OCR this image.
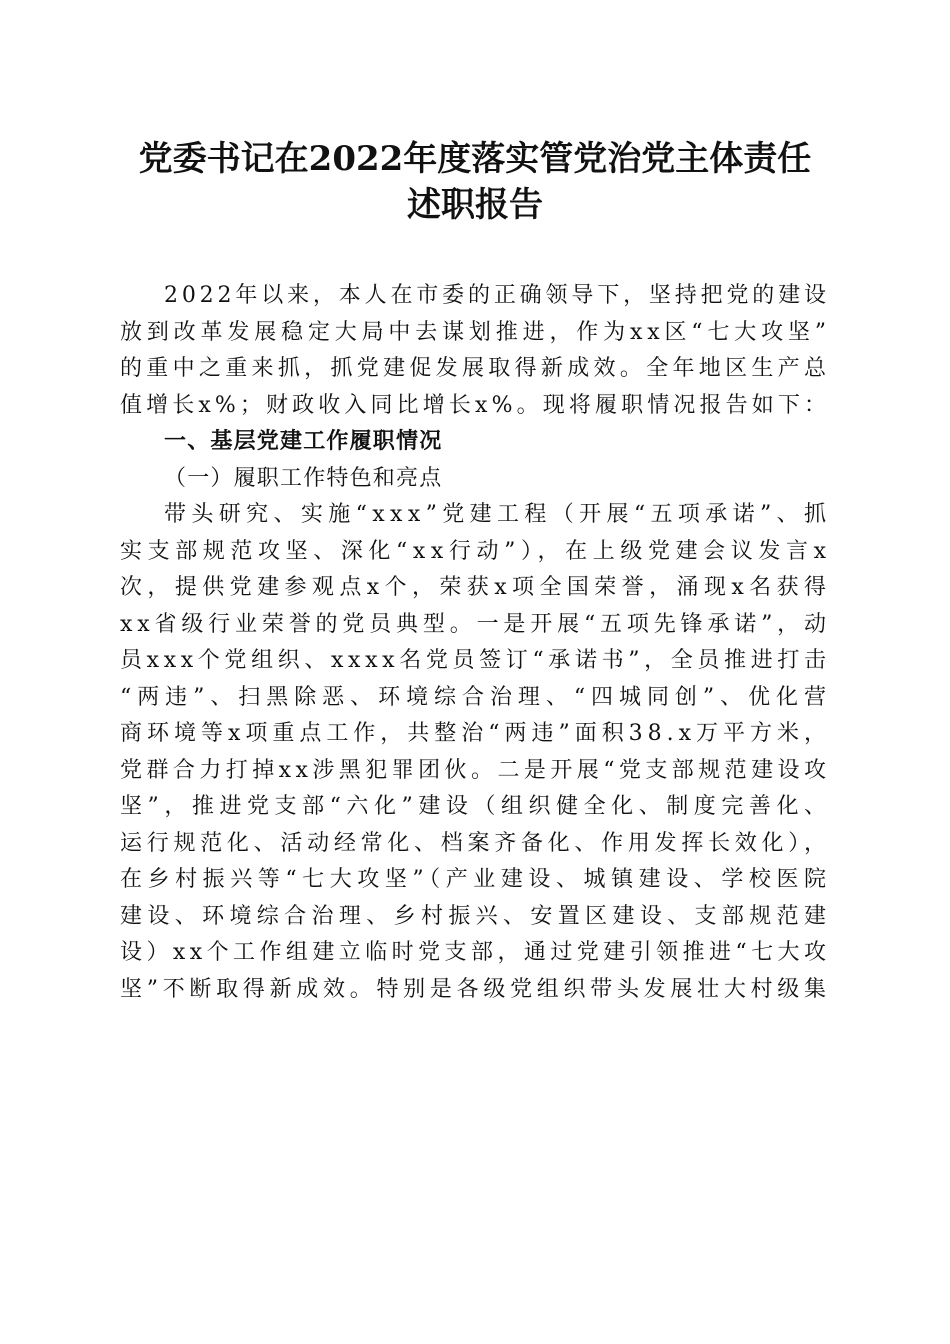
党委书记在2022年度落实管党治党主体责任
述职报告
2022年以来，本人在市委的正确领导下，坚持把党的建设
放到改革发展稳定大局中去谋划推进，作为xx区“七大攻坚”
的重中之重来抓，抓党建促发展取得新成效。全年地区生产总
值增长x%；财政收入同比增长x%。现将履职情况报告如下：
一、基层党建工作履职情况
（一）履职工作特色和亮点
带头研究、实施“xxx”党建工程（开展“五项承诺”、抓
实支部规范攻坚、深化“xx行动”），在上级党建会议发言x
次，提供党建参观点x个，荣获x项全国荣誉，涌现x名获得
xx省级行业荣誉的党员典型。一是开展“五项先锋承诺”，动
员xxx个党组织、xxxx名党员签订“承诺书”，全员推进打击
“两违”、扫黑除恶、环境综合治理、“四城同创”、优化营
商环境等x项重点工作，共整治“两违”面积38.x万平方米，
党群合力打掉xx涉黑犯罪团伙。二是开展“党支部规范建设攻
坚”，推进党支部“六化”建设（组织健全化、制度完善化、
运行规范化、活动经常化、档案齐备化、作用发挥长效化），
在乡村振兴等“七大攻坚”（产业建设、城镇建设、学校医院
建设、环境综合治理、乡村振兴、安置区建设、支部规范建
设）xx个工作组建立临时党支部，通过党建引领推进“七大攻
坚”不断取得新成效。特别是各级党组织带头发展壮大村级集
